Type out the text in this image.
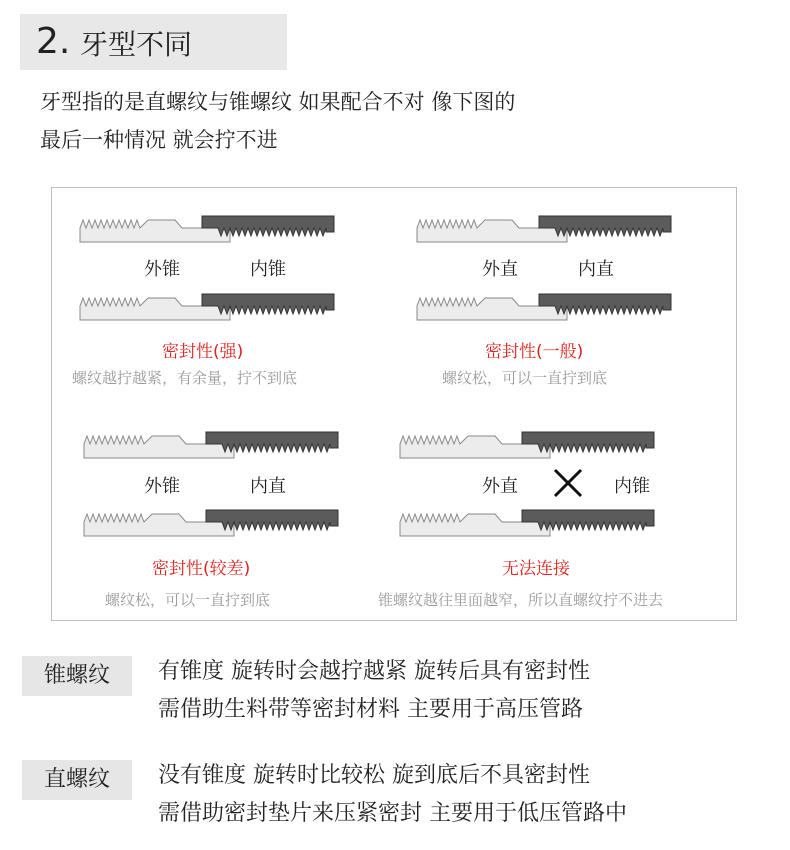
2. 牙型不同
牙型指的是直螺纹与锥螺纹 如果配合不对 像下图的
最后一种情况 就会拧不进
外锥	内锥
密封性(强)
螺纹越拧越紧，有余量，拧不到底
外直	内直
密封性(一般)
螺纹松，可以一直拧到底
外锥	内直
密封性(较差)
螺纹松，可以一直拧到底
外直	内锥
无法连接
锥螺纹越往里面越窄，所以直螺纹拧不进去
锥螺纹	有锥度 旋转时会越拧越紧 旋转后具有密封性
需借助生料带等密封材料 主要用于高压管路
直螺纹	没有锥度 旋转时比较松 旋到底后不具密封性
需借助密封垫片来压紧密封 主要用于低压管路中
